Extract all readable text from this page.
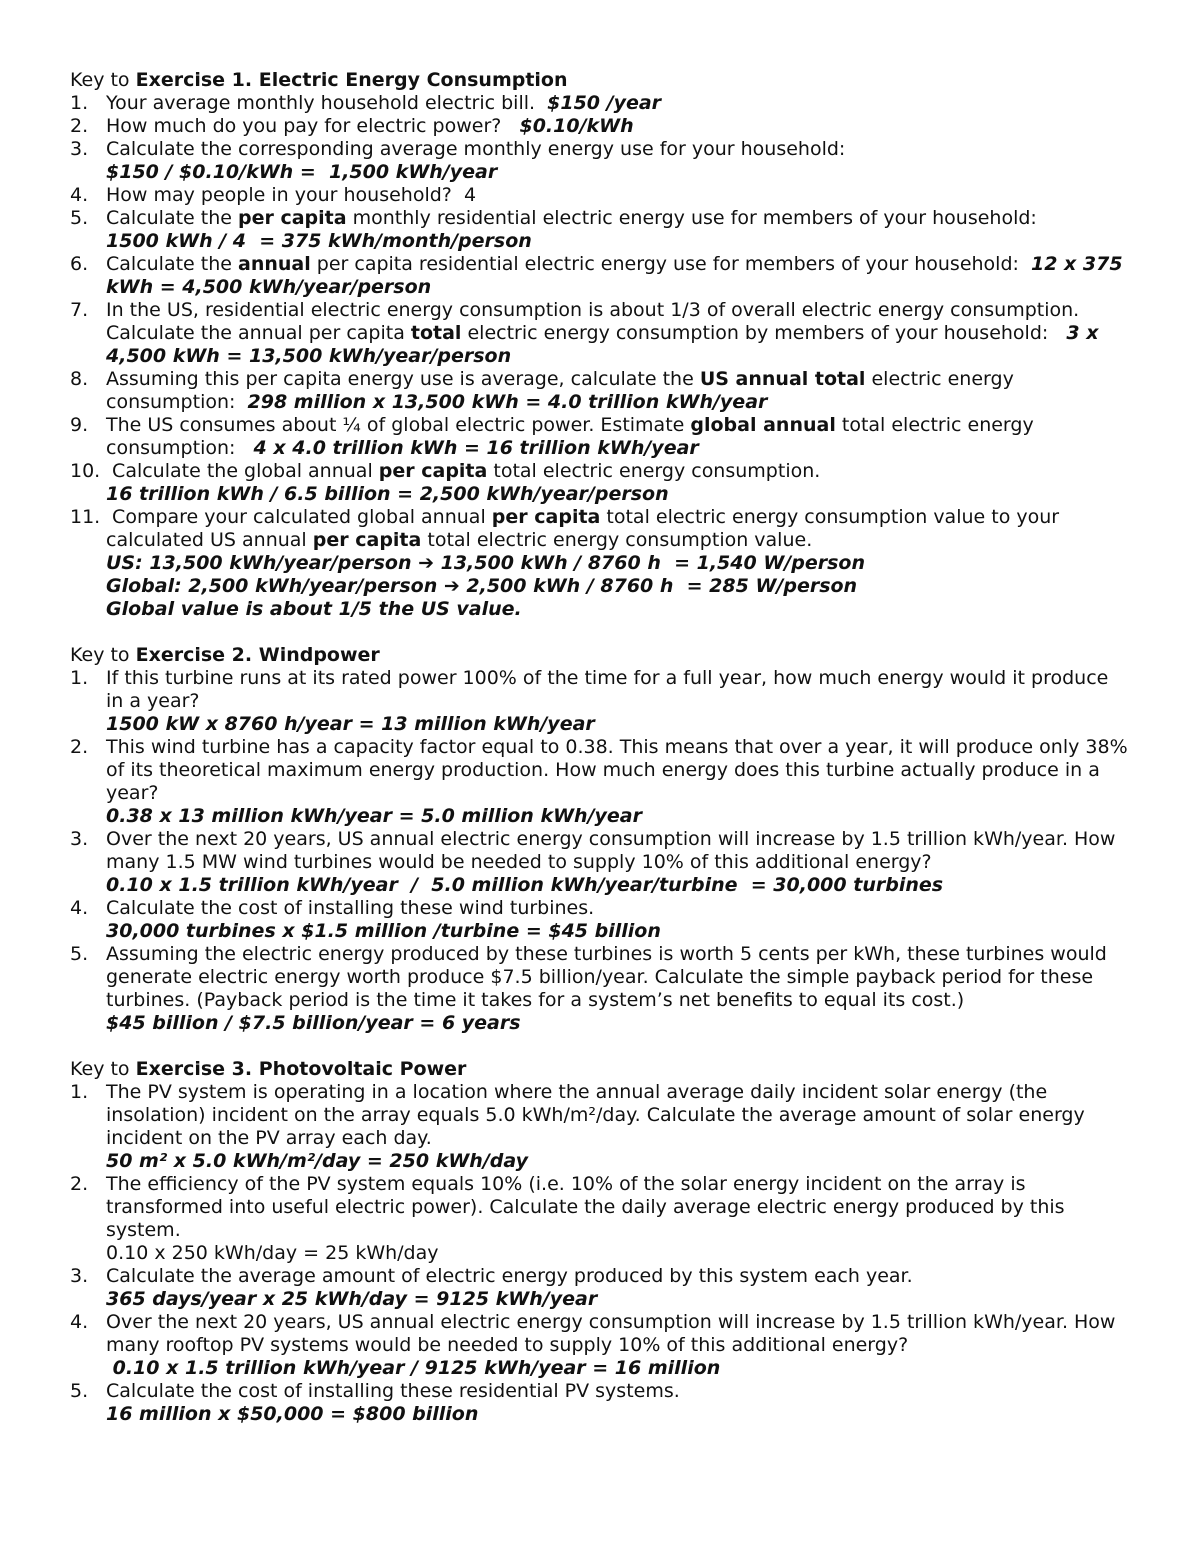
Key to Exercise 1. Electric Energy Consumption
1. Your average monthly household electric bill.  $150 /year
2. How much do you pay for electric power?   $0.10/kWh
3. Calculate the corresponding average monthly energy use for your household:
$150 / $0.10/kWh =  1,500 kWh/year
4. How may people in your household?  4
5. Calculate the per capita monthly residential electric energy use for members of your household:
1500 kWh / 4  = 375 kWh/month/person
6. Calculate the annual per capita residential electric energy use for members of your household:  12 x 375 kWh = 4,500 kWh/year/person
7. In the US, residential electric energy consumption is about 1/3 of overall electric energy consumption. Calculate the annual per capita total electric energy consumption by members of your household:   3 x 4,500 kWh = 13,500 kWh/year/person
8. Assuming this per capita energy use is average, calculate the US annual total electric energy consumption:  298 million x 13,500 kWh = 4.0 trillion kWh/year
9. The US consumes about ¼ of global electric power. Estimate global annual total electric energy consumption:   4 x 4.0 trillion kWh = 16 trillion kWh/year
10. Calculate the global annual per capita total electric energy consumption.
16 trillion kWh / 6.5 billion = 2,500 kWh/year/person
11. Compare your calculated global annual per capita total electric energy consumption value to your calculated US annual per capita total electric energy consumption value.
US: 13,500 kWh/year/person ➔ 13,500 kWh / 8760 h  = 1,540 W/person
Global: 2,500 kWh/year/person ➔ 2,500 kWh / 8760 h  = 285 W/person
Global value is about 1/5 the US value.
Key to Exercise 2. Windpower
1. If this turbine runs at its rated power 100% of the time for a full year, how much energy would it produce in a year?
1500 kW x 8760 h/year = 13 million kWh/year
2. This wind turbine has a capacity factor equal to 0.38. This means that over a year, it will produce only 38% of its theoretical maximum energy production. How much energy does this turbine actually produce in a year?
0.38 x 13 million kWh/year = 5.0 million kWh/year
3. Over the next 20 years, US annual electric energy consumption will increase by 1.5 trillion kWh/year. How many 1.5 MW wind turbines would be needed to supply 10% of this additional energy?
0.10 x 1.5 trillion kWh/year  /  5.0 million kWh/year/turbine  = 30,000 turbines
4. Calculate the cost of installing these wind turbines.
30,000 turbines x $1.5 million /turbine = $45 billion
5. Assuming the electric energy produced by these turbines is worth 5 cents per kWh, these turbines would generate electric energy worth produce $7.5 billion/year. Calculate the simple payback period for these turbines. (Payback period is the time it takes for a system’s net benefits to equal its cost.)
$45 billion / $7.5 billion/year = 6 years
Key to Exercise 3. Photovoltaic Power
1. The PV system is operating in a location where the annual average daily incident solar energy (the insolation) incident on the array equals 5.0 kWh/m²/day. Calculate the average amount of solar energy incident on the PV array each day.
50 m² x 5.0 kWh/m²/day = 250 kWh/day
2. The efficiency of the PV system equals 10% (i.e. 10% of the solar energy incident on the array is transformed into useful electric power). Calculate the daily average electric energy produced by this system.
0.10 x 250 kWh/day = 25 kWh/day
3. Calculate the average amount of electric energy produced by this system each year.
365 days/year x 25 kWh/day = 9125 kWh/year
4. Over the next 20 years, US annual electric energy consumption will increase by 1.5 trillion kWh/year. How many rooftop PV systems would be needed to supply 10% of this additional energy?
0.10 x 1.5 trillion kWh/year / 9125 kWh/year = 16 million
5. Calculate the cost of installing these residential PV systems.
16 million x $50,000 = $800 billion
